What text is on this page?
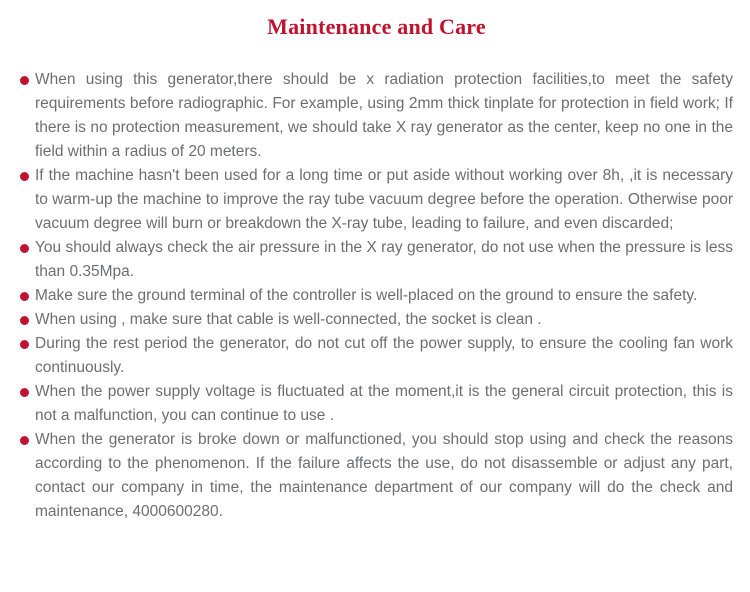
Maintenance and Care
When using this generator,there should be x radiation protection facilities,to meet the safety requirements before radiographic. For example, using 2mm thick tinplate for protection in field work; If there is no protection measurement, we should take X ray generator as the center, keep no one in the field within a radius of 20 meters.
If the machine hasn't been used for a long time or put aside without working over 8h, ,it is necessary to warm-up the machine to improve the ray tube vacuum degree before the operation. Otherwise poor vacuum degree will burn or breakdown the X-ray tube, leading to failure, and even discarded;
You should always check the air pressure in the X ray generator, do not use when the pressure is less than 0.35Mpa.
Make sure the ground terminal of the controller is well-placed on the ground to ensure the safety.
When using , make sure that cable is well-connected, the socket is clean .
During the rest period the generator, do not cut off the power supply, to ensure the cooling fan work continuously.
When the power supply voltage is fluctuated at the moment,it is the general circuit protection, this is not a malfunction, you can continue to use .
When the generator is broke down or malfunctioned, you should stop using and check the reasons according to the phenomenon. If the failure affects the use, do not disassemble or adjust any part, contact our company in time, the maintenance department of our company will do the check and maintenance, 4000600280.
